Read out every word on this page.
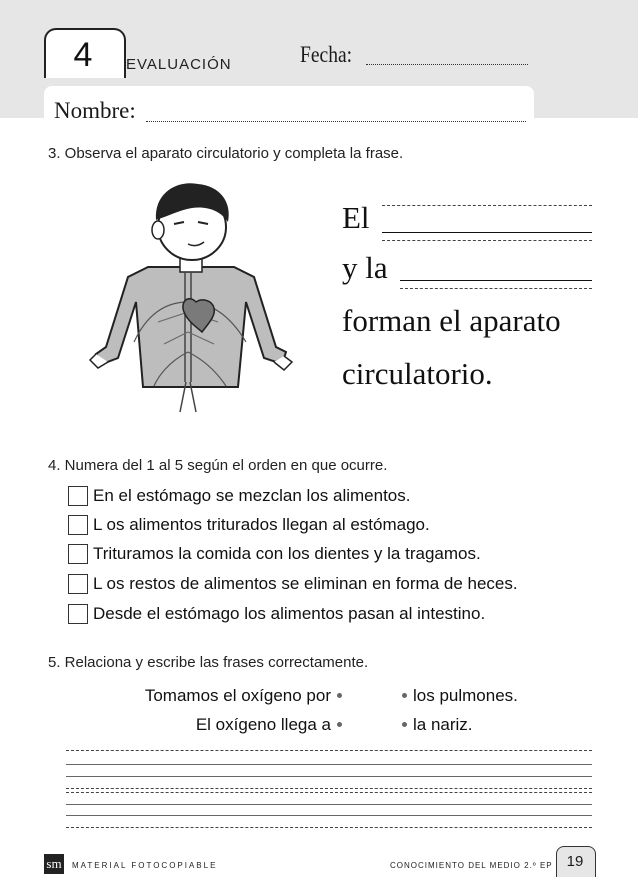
4	EVALUACIÓN	Fecha:
Nombre:
3. Observa el aparato circulatorio y completa la frase.
El
y la
forman el aparato
circulatorio.
4. Numera del 1 al 5 según el orden en que ocurre.
En el estómago se mezclan los alimentos.
L os alimentos triturados llegan al estómago.
Trituramos la comida con los dientes y la tragamos.
L os restos de alimentos se eliminan en forma de heces.
Desde el estómago los alimentos pasan al intestino.
5. Relaciona y escribe las frases correctamente.
Tomamos el oxígeno por	los pulmones.
El oxígeno llega a	la nariz.
sm	MATERIAL FOTOCOPIABLE	CONOCIMIENTO DEL MEDIO 2.º EP 19
